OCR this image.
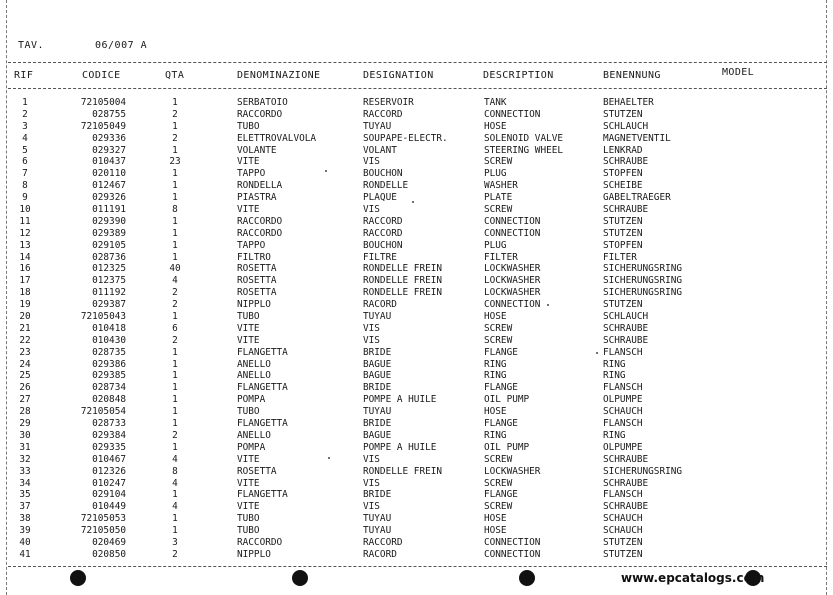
TAV.	06/007 A
RIF	CODICE	QTA	DENOMINAZIONE	DESIGNATION	DESCRIPTION	BENENNUNG	MODEL
1	72105004	1	SERBATOIO	RESERVOIR	TANK	BEHAELTER
2	028755	2	RACCORDO	RACCORD	CONNECTION	STUTZEN
3	72105049	1	TUBO	TUYAU	HOSE	SCHLAUCH
4	029336	2	ELETTROVALVOLA	SOUPAPE-ELECTR.	SOLENOID VALVE	MAGNETVENTIL
5	029327	1	VOLANTE	VOLANT	STEERING WHEEL	LENKRAD
6	010437	23	VITE	VIS	SCREW	SCHRAUBE
7	020110	1	TAPPO	BOUCHON	PLUG	STOPFEN
8	012467	1	RONDELLA	RONDELLE	WASHER	SCHEIBE
9	029326	1	PIASTRA	PLAQUE	PLATE	GABELTRAEGER
10	011191	8	VITE	VIS	SCREW	SCHRAUBE
11	029390	1	RACCORDO	RACCORD	CONNECTION	STUTZEN
12	029389	1	RACCORDO	RACCORD	CONNECTION	STUTZEN
13	029105	1	TAPPO	BOUCHON	PLUG	STOPFEN
14	028736	1	FILTRO	FILTRE	FILTER	FILTER
16	012325	40	ROSETTA	RONDELLE FREIN	LOCKWASHER	SICHERUNGSRING
17	012375	4	ROSETTA	RONDELLE FREIN	LOCKWASHER	SICHERUNGSRING
18	011192	2	ROSETTA	RONDELLE FREIN	LOCKWASHER	SICHERUNGSRING
19	029387	2	NIPPLO	RACORD	CONNECTION	STUTZEN
20	72105043	1	TUBO	TUYAU	HOSE	SCHLAUCH
21	010418	6	VITE	VIS	SCREW	SCHRAUBE
22	010430	2	VITE	VIS	SCREW	SCHRAUBE
23	028735	1	FLANGETTA	BRIDE	FLANGE	FLANSCH
24	029386	1	ANELLO	BAGUE	RING	RING
25	029385	1	ANELLO	BAGUE	RING	RING
26	028734	1	FLANGETTA	BRIDE	FLANGE	FLANSCH
27	020848	1	POMPA	POMPE A HUILE	OIL PUMP	OLPUMPE
28	72105054	1	TUBO	TUYAU	HOSE	SCHAUCH
29	028733	1	FLANGETTA	BRIDE	FLANGE	FLANSCH
30	029384	2	ANELLO	BAGUE	RING	RING
31	029335	1	POMPA	POMPE A HUILE	OIL PUMP	OLPUMPE
32	010467	4	VITE	VIS	SCREW	SCHRAUBE
33	012326	8	ROSETTA	RONDELLE FREIN	LOCKWASHER	SICHERUNGSRING
34	010247	4	VITE	VIS	SCREW	SCHRAUBE
35	029104	1	FLANGETTA	BRIDE	FLANGE	FLANSCH
37	010449	4	VITE	VIS	SCREW	SCHRAUBE
38	72105053	1	TUBO	TUYAU	HOSE	SCHAUCH
39	72105050	1	TUBO	TUYAU	HOSE	SCHAUCH
40	020469	3	RACCORDO	RACCORD	CONNECTION	STUTZEN
41	020850	2	NIPPLO	RACORD	CONNECTION	STUTZEN
www.epcatalogs.com
